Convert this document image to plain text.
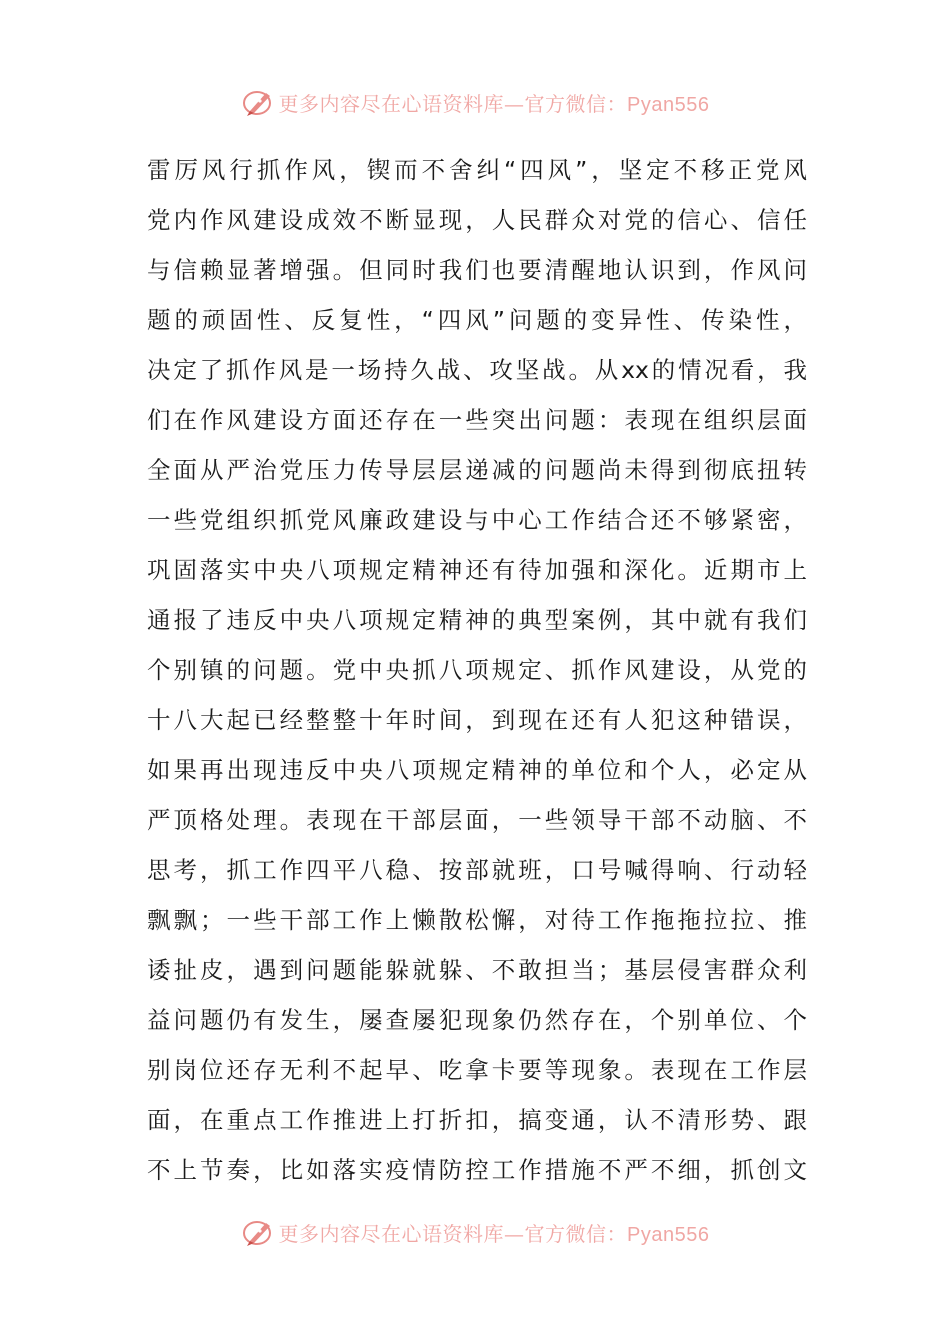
更多内容尽在心语资料库—官方微信：Pyan556
雷厉风行抓作风，锲而不舍纠“四风”，坚定不移正党风
党内作风建设成效不断显现，人民群众对党的信心、信任
与信赖显著增强。但同时我们也要清醒地认识到，作风问
题的顽固性、反复性，“四风”问题的变异性、传染性，
决定了抓作风是一场持久战、攻坚战。从xx的情况看，我
们在作风建设方面还存在一些突出问题：表现在组织层面
全面从严治党压力传导层层递减的问题尚未得到彻底扭转
一些党组织抓党风廉政建设与中心工作结合还不够紧密，
巩固落实中央八项规定精神还有待加强和深化。近期市上
通报了违反中央八项规定精神的典型案例，其中就有我们
个别镇的问题。党中央抓八项规定、抓作风建设，从党的
十八大起已经整整十年时间，到现在还有人犯这种错误，
如果再出现违反中央八项规定精神的单位和个人，必定从
严顶格处理。表现在干部层面，一些领导干部不动脑、不
思考，抓工作四平八稳、按部就班，口号喊得响、行动轻
飘飘；一些干部工作上懒散松懈，对待工作拖拖拉拉、推
诿扯皮，遇到问题能躲就躲、不敢担当；基层侵害群众利
益问题仍有发生，屡查屡犯现象仍然存在，个别单位、个
别岗位还存无利不起早、吃拿卡要等现象。表现在工作层
面，在重点工作推进上打折扣，搞变通，认不清形势、跟
不上节奏，比如落实疫情防控工作措施不严不细，抓创文
更多内容尽在心语资料库—官方微信：Pyan556
